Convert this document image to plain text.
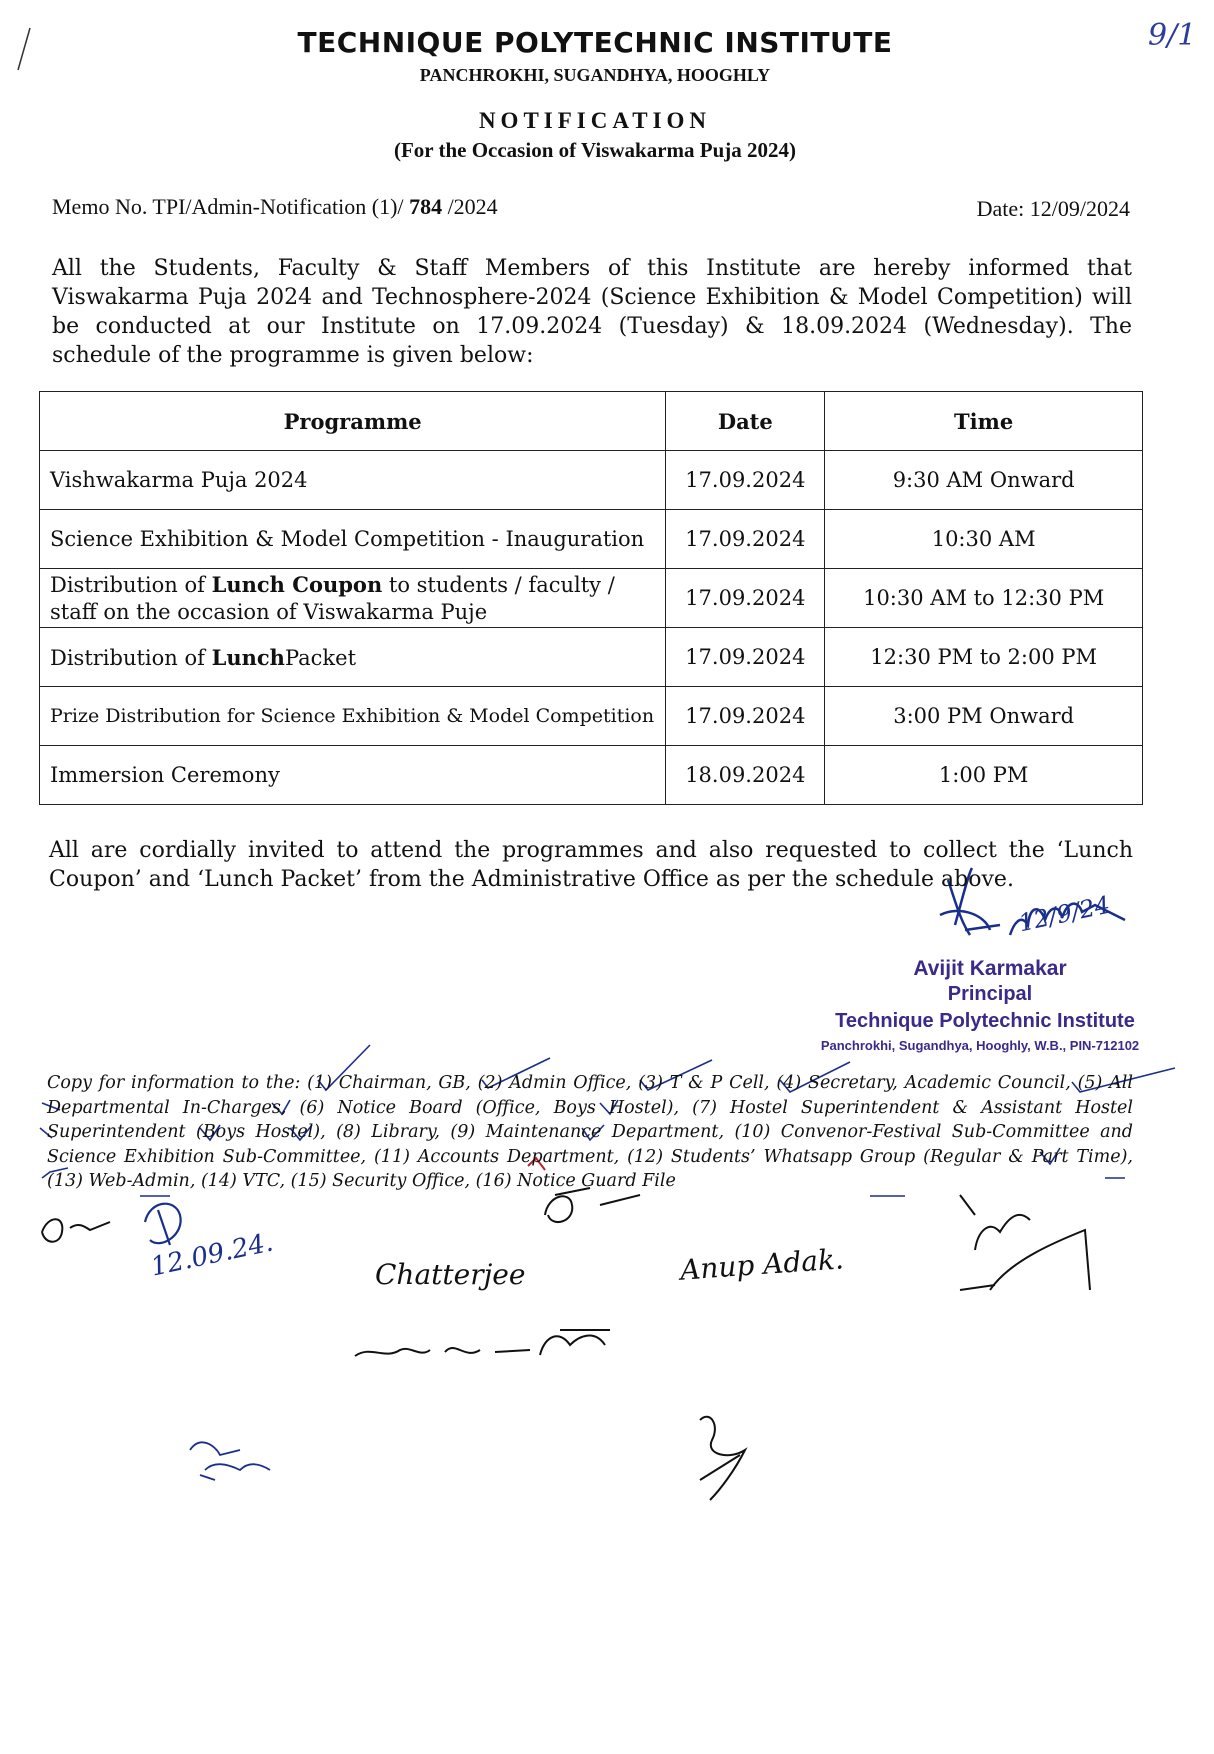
9/1
TECHNIQUE POLYTECHNIC INSTITUTE
PANCHROKHI, SUGANDHYA, HOOGHLY
NOTIFICATION
(For the Occasion of Viswakarma Puja 2024)
Memo No. TPI/Admin-Notification (1)/ 784 /2024	Date: 12/09/2024
All the Students, Faculty & Staff Members of this Institute are hereby informed that Viswakarma Puja 2024 and Technosphere-2024 (Science Exhibition & Model Competition) will be conducted at our Institute on 17.09.2024 (Tuesday) & 18.09.2024 (Wednesday). The schedule of the programme is given below:
Programme	Date	Time
Vishwakarma Puja 2024	17.09.2024	9:30 AM Onward
Science Exhibition & Model Competition - Inauguration	17.09.2024	10:30 AM
Distribution of Lunch Coupon to students / faculty / staff on the occasion of Viswakarma Puje	17.09.2024	10:30 AM to 12:30 PM
Distribution of LunchPacket	17.09.2024	12:30 PM to 2:00 PM
Prize Distribution for Science Exhibition & Model Competition	17.09.2024	3:00 PM Onward
Immersion Ceremony	18.09.2024	1:00 PM
All are cordially invited to attend the programmes and also requested to collect the ‘Lunch Coupon’ and ‘Lunch Packet’ from the Administrative Office as per the schedule above.
12/9/24
Avijit Karmakar
Principal
Technique Polytechnic Institute
Panchrokhi, Sugandhya, Hooghly, W.B., PIN-712102
Copy for information to the: (1) Chairman, GB, (2) Admin Office, (3) T & P Cell, (4) Secretary, Academic Council, (5) All Departmental In-Charges, (6) Notice Board (Office, Boys Hostel), (7) Hostel Superintendent & Assistant Hostel Superintendent (Boys Hostel), (8) Library, (9) Maintenance Department, (10) Convenor-Festival Sub-Committee and Science Exhibition Sub-Committee, (11) Accounts Department, (12) Students’ Whatsapp Group (Regular & Part Time), (13) Web-Admin, (14) VTC, (15) Security Office, (16) Notice Guard File
12.09.24.	Chatterjee	Anup Adak.
